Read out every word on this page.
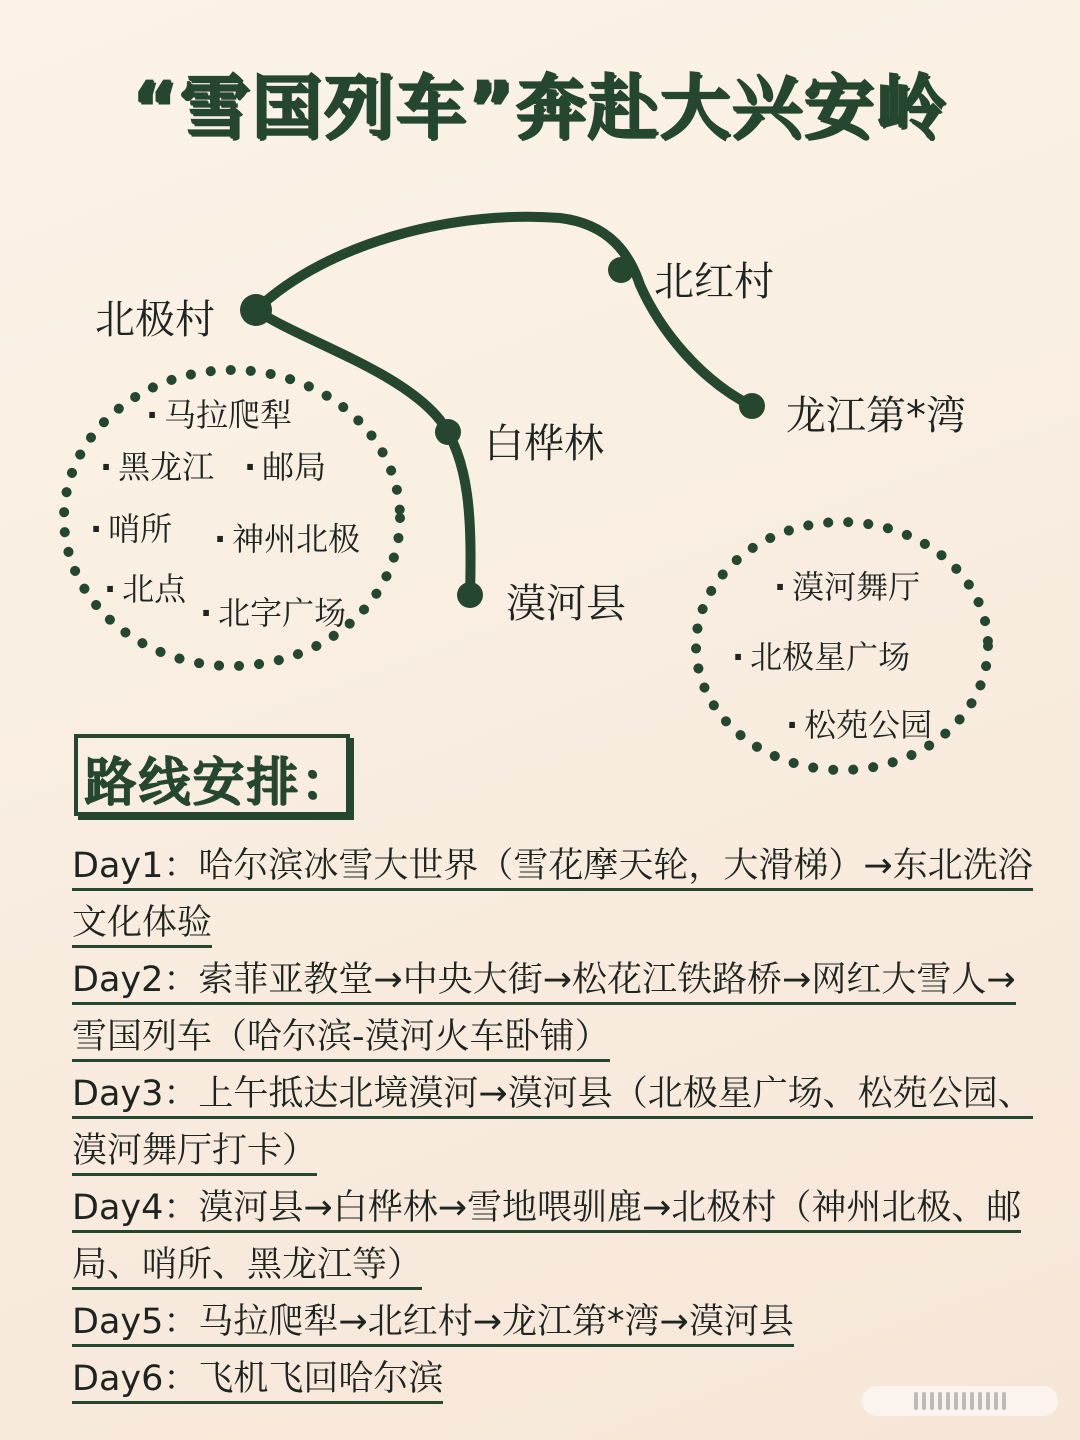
“雪国列车”奔赴大兴安岭
北极村
北红村
龙江第*湾
白桦林
漠河县
· 马拉爬犁
· 黑龙江	· 邮局
· 哨所	· 神州北极
· 北点
· 北字广场
· 漠河舞厅
· 北极星广场
· 松苑公园
路线安排：

Day1：哈尔滨冰雪大世界（雪花摩天轮，大滑梯）→东北洗浴文化体验

Day2：索菲亚教堂→中央大街→松花江铁路桥→网红大雪人→雪国列车（哈尔滨-漠河火车卧铺）

Day3：上午抵达北境漠河→漠河县（北极星广场、松苑公园、漠河舞厅打卡）

Day4：漠河县→白桦林→雪地喂驯鹿→北极村（神州北极、邮局、哨所、黑龙江等）

Day5：马拉爬犁→北红村→龙江第*湾→漠河县

Day6：飞机飞回哈尔滨
